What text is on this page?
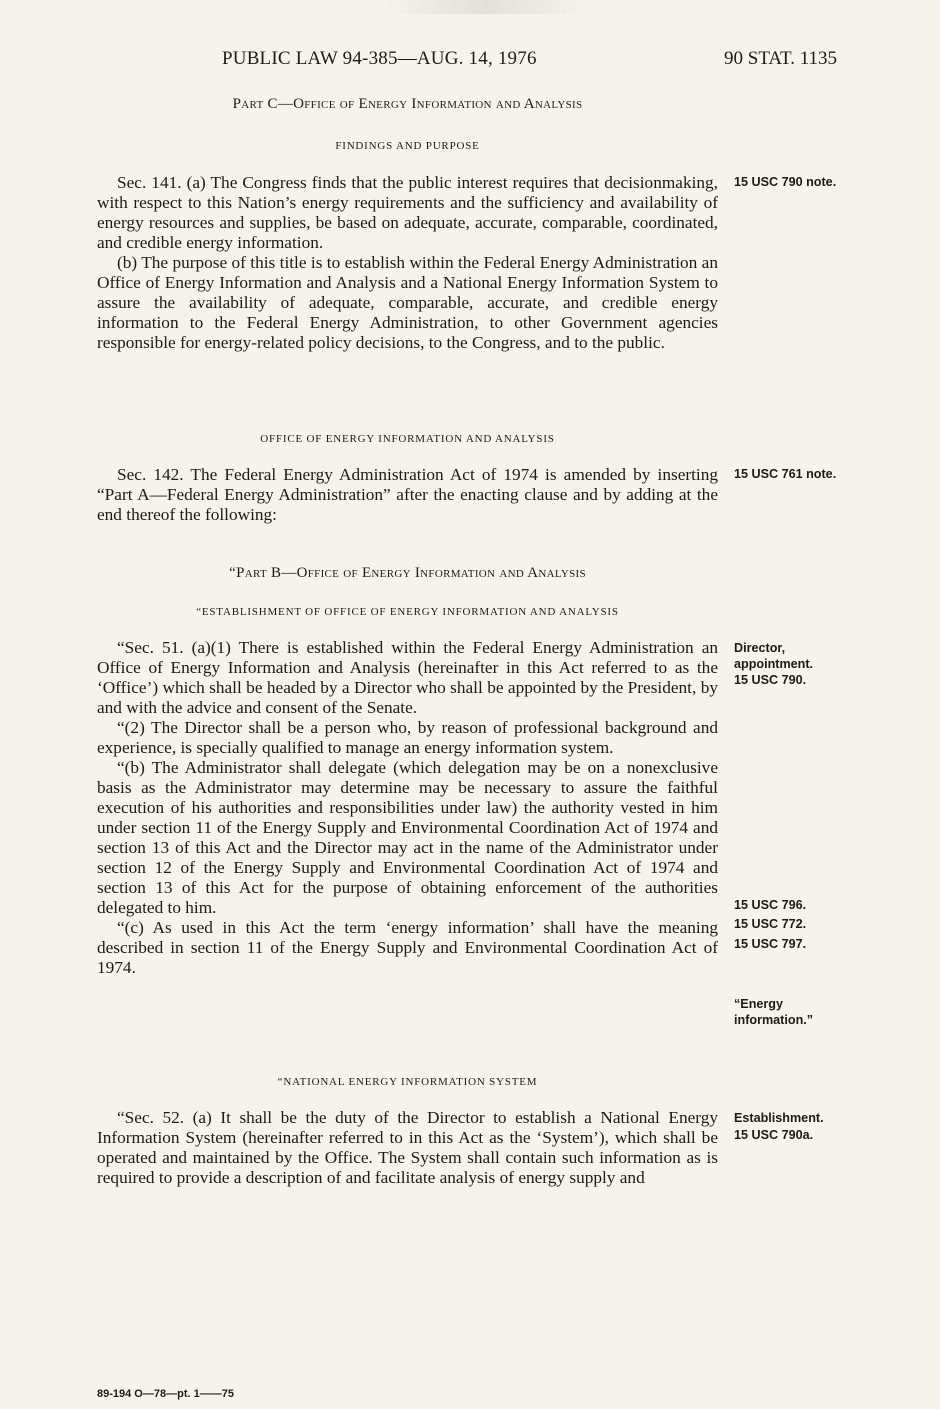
PUBLIC LAW 94-385—AUG. 14, 1976	90 STAT. 1135
Part C—Office of Energy Information and Analysis
FINDINGS AND PURPOSE

Sec. 141. (a) The Congress finds that the public interest requires that decisionmaking, with respect to this Nation’s energy requirements and the sufficiency and availability of energy resources and supplies, be based on adequate, accurate, comparable, coordinated, and credible energy information.

(b) The purpose of this title is to establish within the Federal Energy Administration an Office of Energy Information and Analysis and a National Energy Information System to assure the availability of adequate, comparable, accurate, and credible energy information to the Federal Energy Administration, to other Government agencies responsible for energy-related policy decisions, to the Congress, and to the public.

15 USC 790 note.
OFFICE OF ENERGY INFORMATION AND ANALYSIS

Sec. 142. The Federal Energy Administration Act of 1974 is amended by inserting “Part A—Federal Energy Administration” after the enacting clause and by adding at the end thereof the following:

15 USC 761 note.
“Part B—Office of Energy Information and Analysis
“ESTABLISHMENT OF OFFICE OF ENERGY INFORMATION AND ANALYSIS

“Sec. 51. (a)(1) There is established within the Federal Energy Administration an Office of Energy Information and Analysis (hereinafter in this Act referred to as the ‘Office’) which shall be headed by a Director who shall be appointed by the President, by and with the advice and consent of the Senate.

“(2) The Director shall be a person who, by reason of professional background and experience, is specially qualified to manage an energy information system.

“(b) The Administrator shall delegate (which delegation may be on a nonexclusive basis as the Administrator may determine may be necessary to assure the faithful execution of his authorities and responsibilities under law) the authority vested in him under section 11 of the Energy Supply and Environmental Coordination Act of 1974 and section 13 of this Act and the Director may act in the name of the Administrator under section 12 of the Energy Supply and Environmental Coordination Act of 1974 and section 13 of this Act for the purpose of obtaining enforcement of the authorities delegated to him.

“(c) As used in this Act the term ‘energy information’ shall have the meaning described in section 11 of the Energy Supply and Environmental Coordination Act of 1974.

Director,
appointment.
15 USC 790.
15 USC 796.
15 USC 772.
15 USC 797.
“Energy
information.”
“NATIONAL ENERGY INFORMATION SYSTEM

“Sec. 52. (a) It shall be the duty of the Director to establish a National Energy Information System (hereinafter referred to in this Act as the ‘System’), which shall be operated and maintained by the Office. The System shall contain such information as is required to provide a description of and facilitate analysis of energy supply and

Establishment.
15 USC 790a.
89-194 O—78—pt. 1——75
